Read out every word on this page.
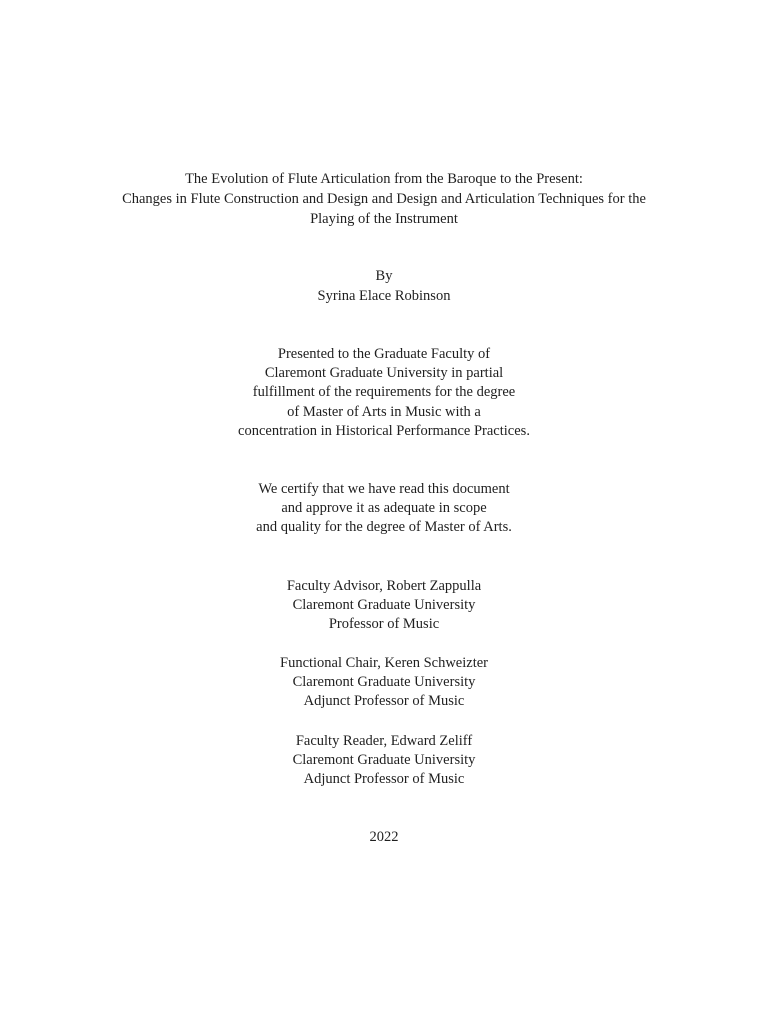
The Evolution of Flute Articulation from the Baroque to the Present:
Changes in Flute Construction and Design and Design and Articulation Techniques for the
Playing of the Instrument
By
Syrina Elace Robinson
Presented to the Graduate Faculty of
Claremont Graduate University in partial
fulfillment of the requirements for the degree
of Master of Arts in Music with a
concentration in Historical Performance Practices.
We certify that we have read this document
and approve it as adequate in scope
and quality for the degree of Master of Arts.
Faculty Advisor, Robert Zappulla
Claremont Graduate University
Professor of Music
Functional Chair, Keren Schweizter
Claremont Graduate University
Adjunct Professor of Music
Faculty Reader, Edward Zeliff
Claremont Graduate University
Adjunct Professor of Music
2022
